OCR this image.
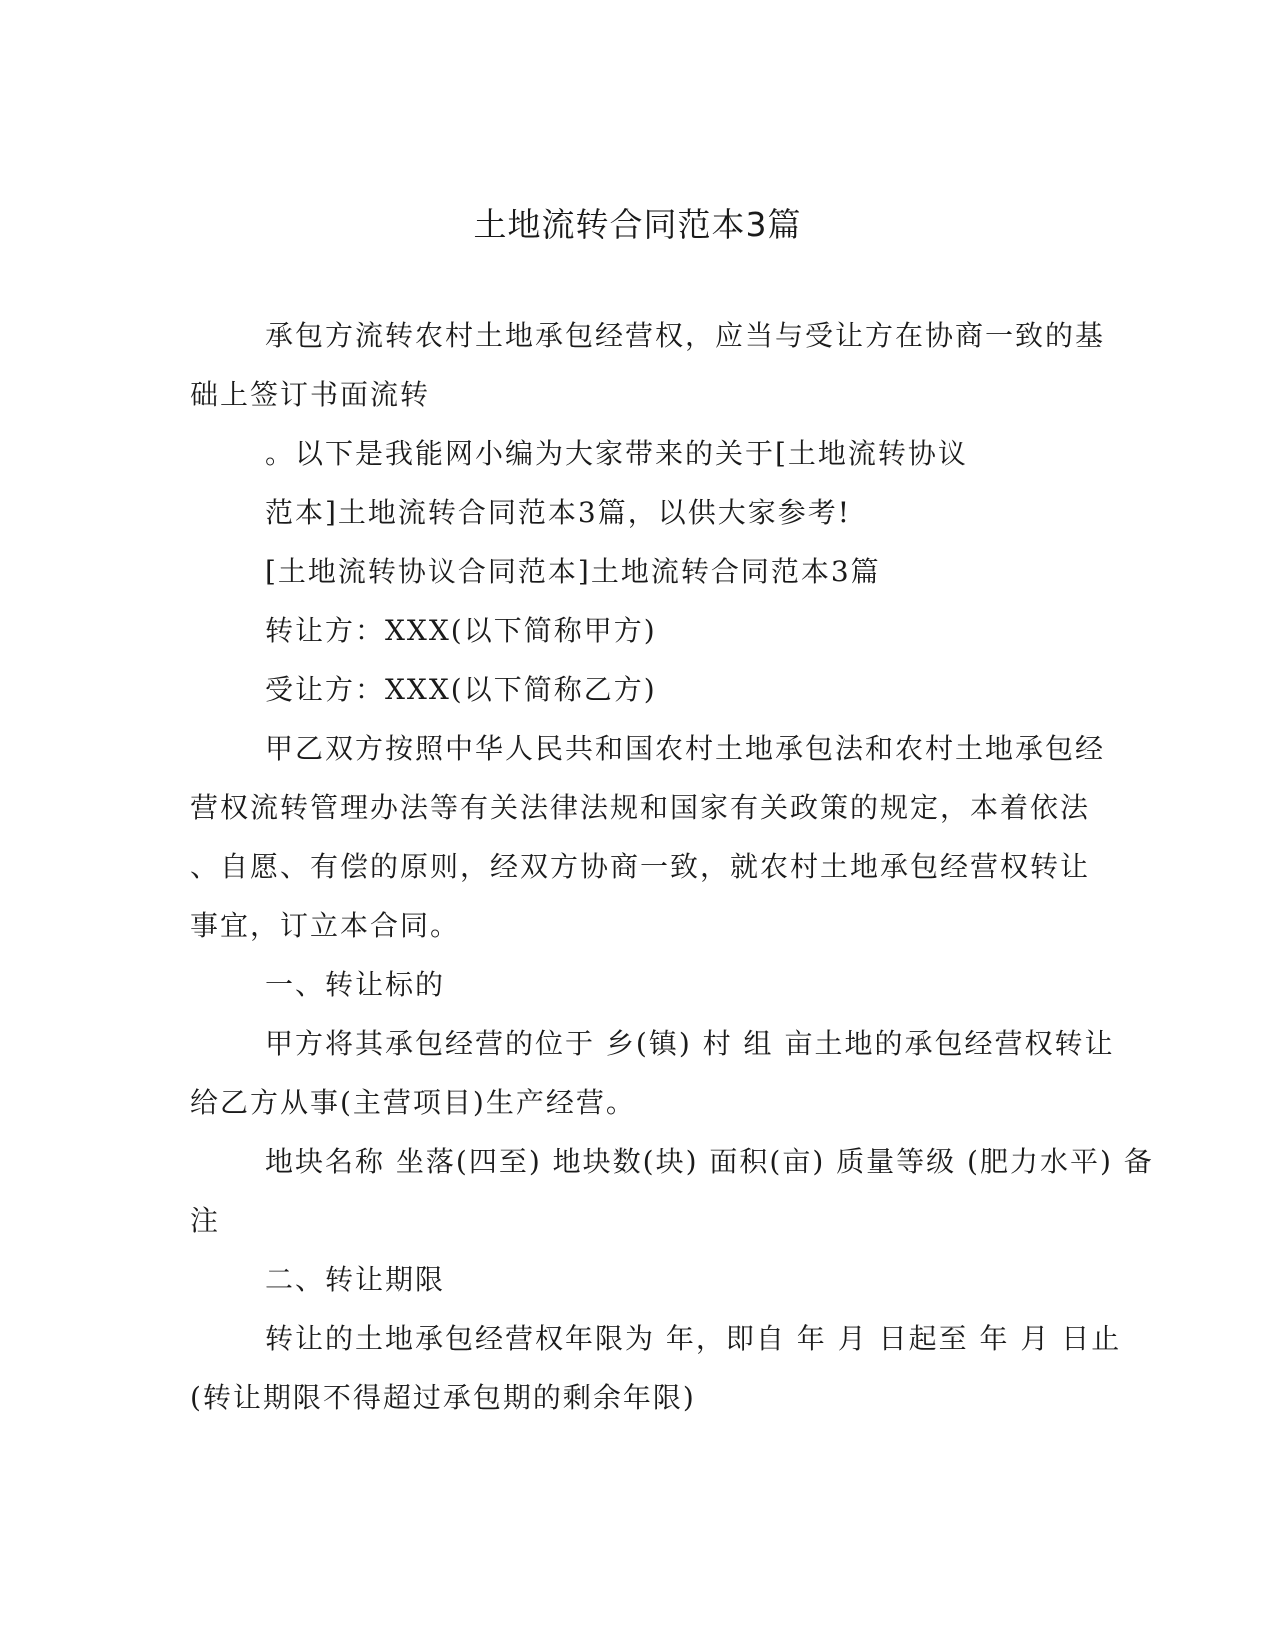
土地流转合同范本3篇
承包方流转农村土地承包经营权，应当与受让方在协商一致的基
础上签订书面流转
。以下是我能网小编为大家带来的关于[土地流转协议
范本]土地流转合同范本3篇，以供大家参考!
[土地流转协议合同范本]土地流转合同范本3篇
转让方：XXX(以下简称甲方)
受让方：XXX(以下简称乙方)
甲乙双方按照中华人民共和国农村土地承包法和农村土地承包经
营权流转管理办法等有关法律法规和国家有关政策的规定，本着依法
、自愿、有偿的原则，经双方协商一致，就农村土地承包经营权转让
事宜，订立本合同。
一、转让标的
甲方将其承包经营的位于 乡(镇) 村 组 亩土地的承包经营权转让
给乙方从事(主营项目)生产经营。
地块名称 坐落(四至) 地块数(块) 面积(亩) 质量等级 (肥力水平) 备
注
二、转让期限
转让的土地承包经营权年限为 年，即自 年 月 日起至 年 月 日止
(转让期限不得超过承包期的剩余年限)
